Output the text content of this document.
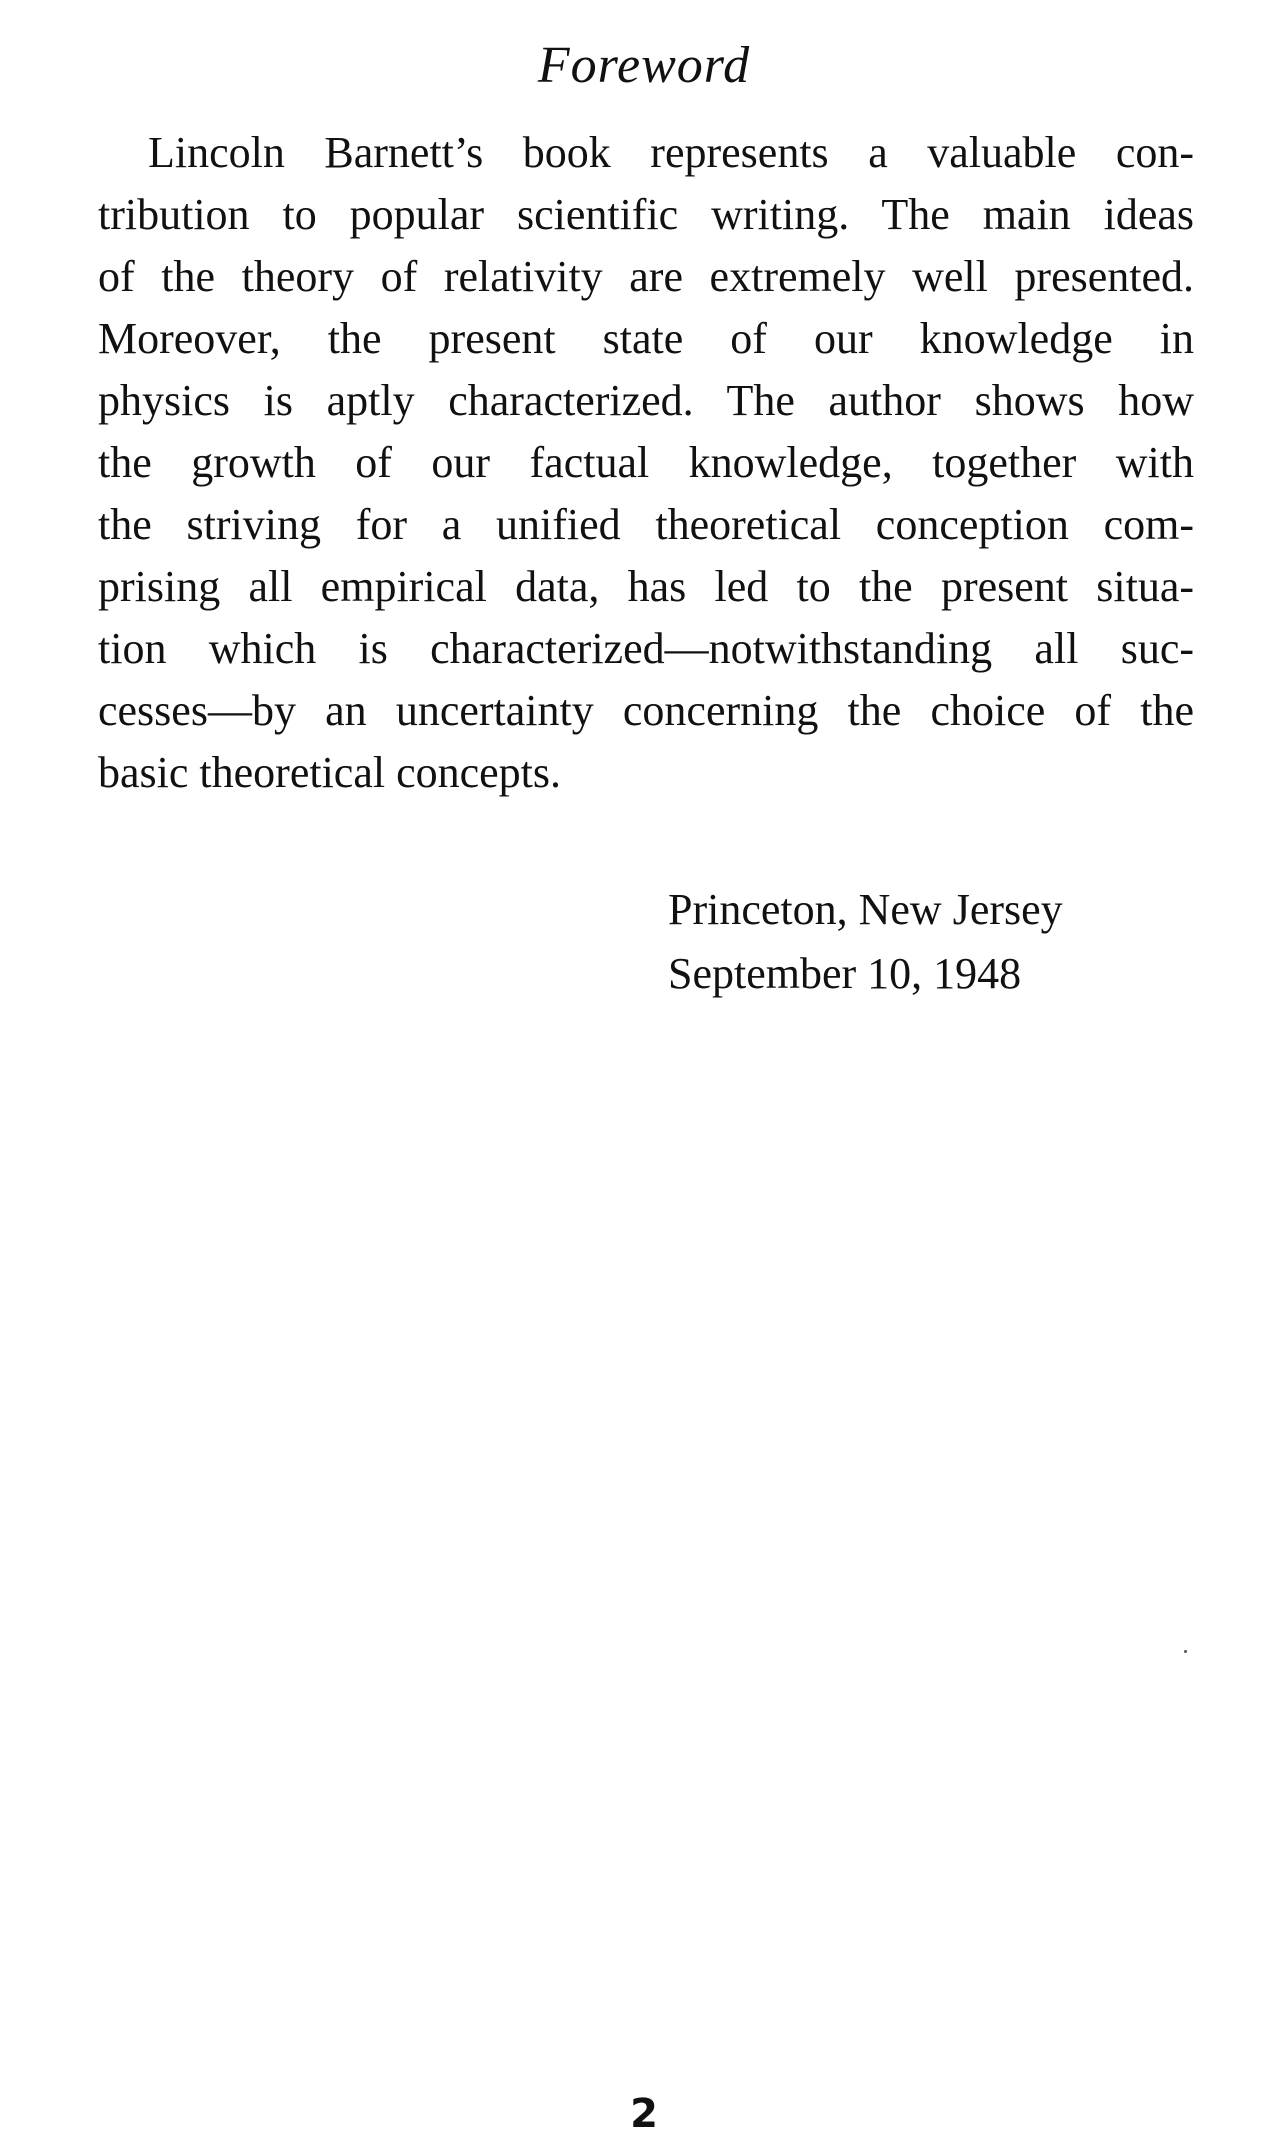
Foreword
Lincoln Barnett’s book represents a valuable con-
tribution to popular scientific writing. The main ideas
of the theory of relativity are extremely well presented.
Moreover, the present state of our knowledge in
physics is aptly characterized. The author shows how
the growth of our factual knowledge, together with
the striving for a unified theoretical conception com-
prising all empirical data, has led to the present situa-
tion which is characterized—notwithstanding all suc-
cesses—by an uncertainty concerning the choice of the
basic theoretical concepts.
Princeton, New Jersey
September 10, 1948
2
